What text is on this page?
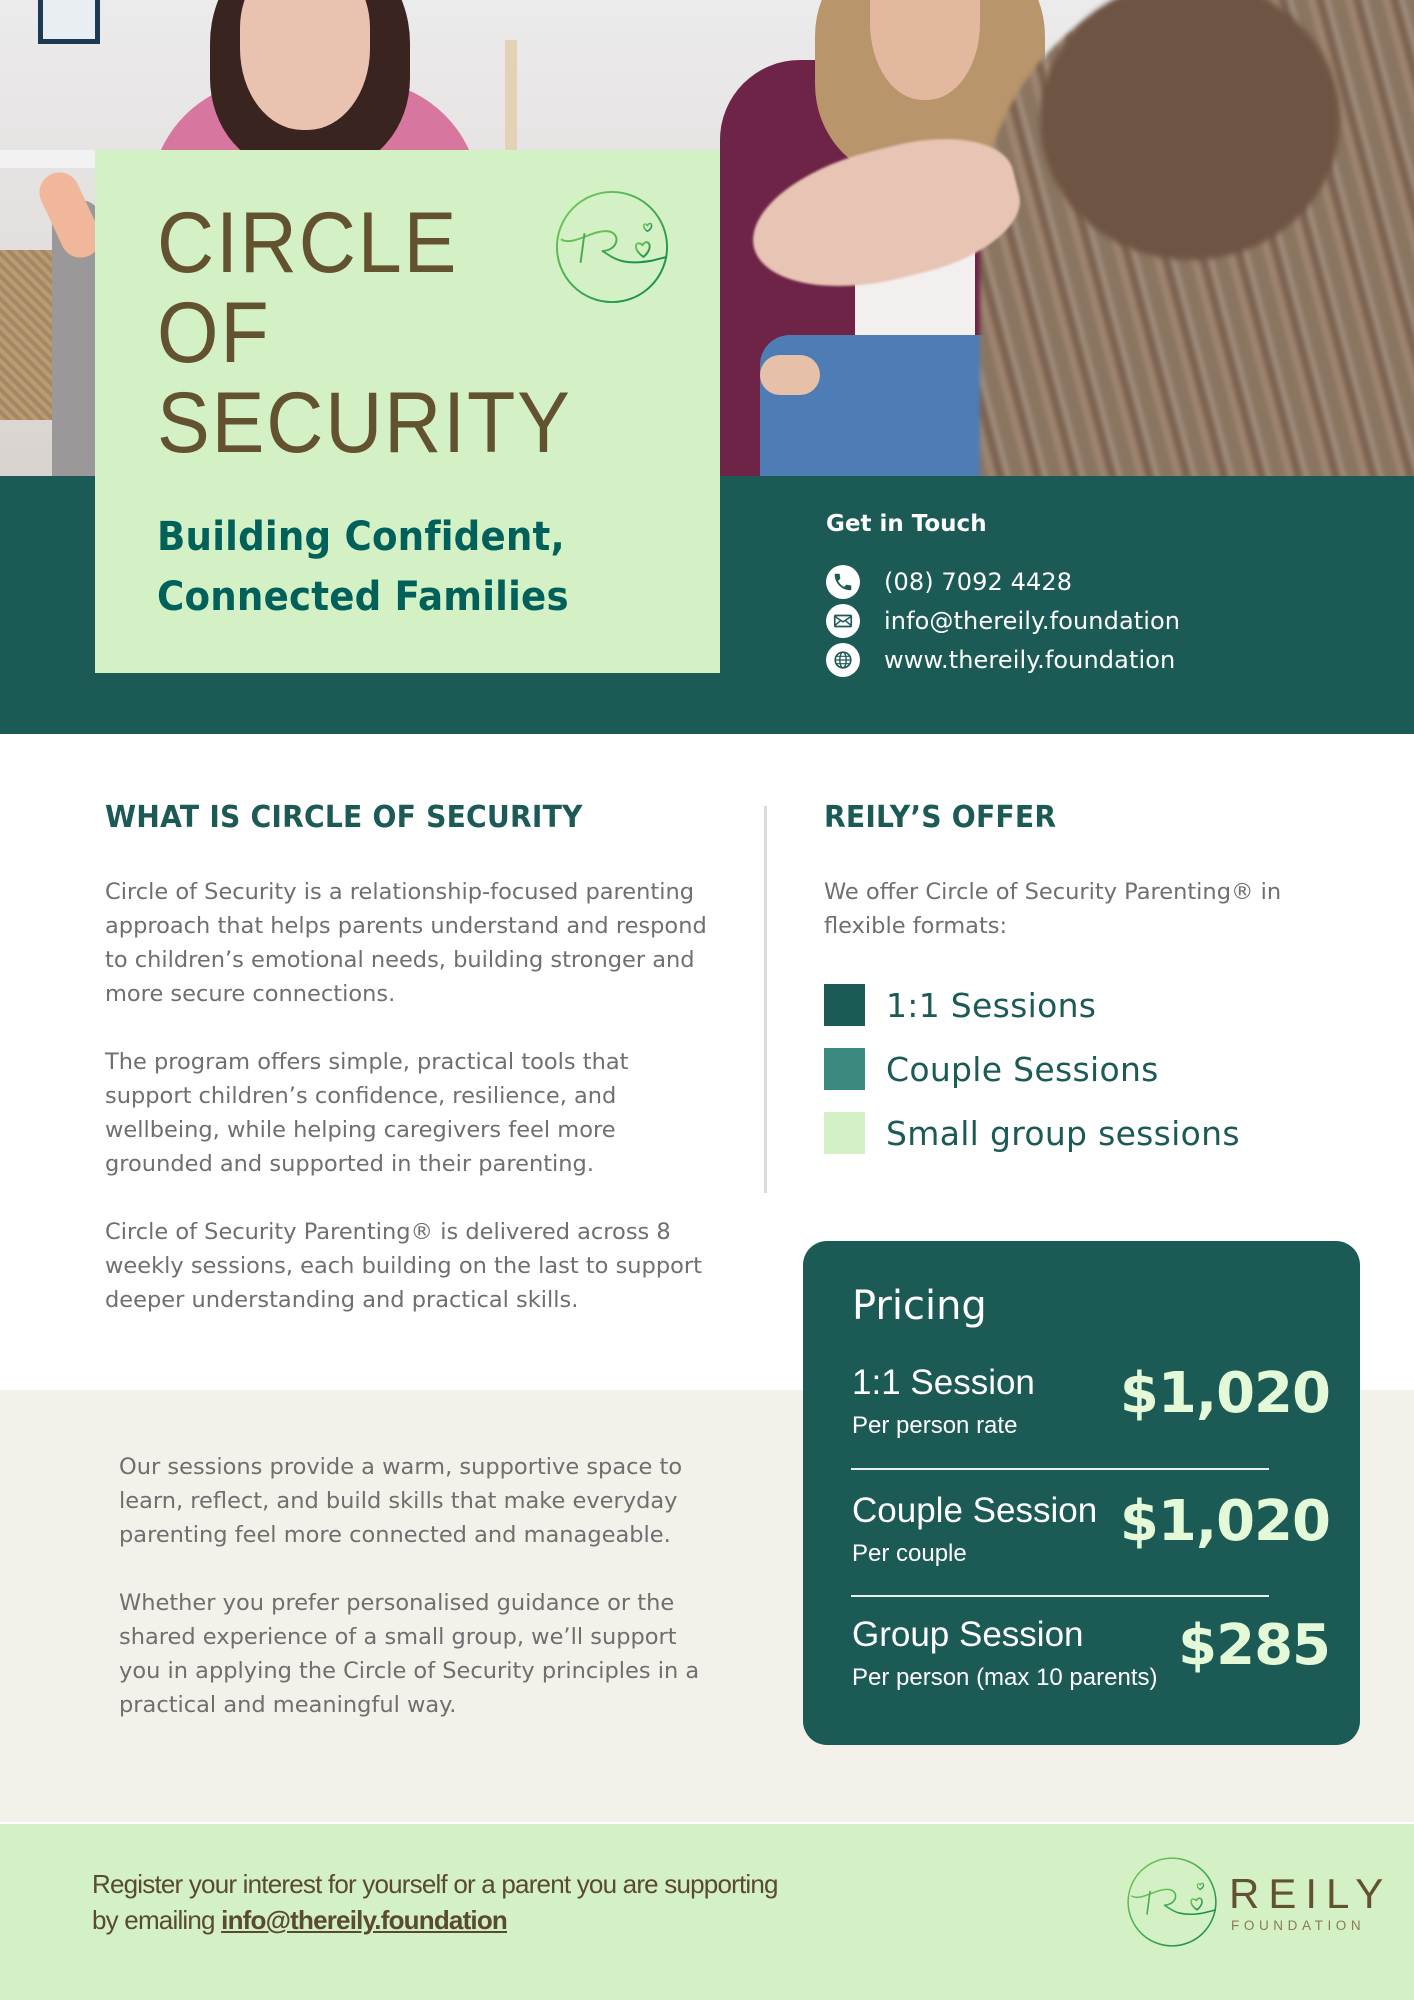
CIRCLE
OF
SECURITY
Building Confident,
Connected Families
Get in Touch
(08) 7092 4428
info@thereily.foundation
www.thereily.foundation
WHAT IS CIRCLE OF SECURITY

Circle of Security is a relationship-focused parenting approach that helps parents understand and respond to children’s emotional needs, building stronger and more secure connections.

The program offers simple, practical tools that support children’s confidence, resilience, and wellbeing, while helping caregivers feel more grounded and supported in their parenting.

Circle of Security Parenting® is delivered across 8 weekly sessions, each building on the last to support deeper understanding and practical skills.

REILY’S OFFER

We offer Circle of Security Parenting® in flexible formats:

1:1 Sessions
Couple Sessions
Small group sessions

Our sessions provide a warm, supportive space to learn, reflect, and build skills that make everyday parenting feel more connected and manageable.

Whether you prefer personalised guidance or the shared experience of a small group, we’ll support you in applying the Circle of Security principles in a practical and meaningful way.

Pricing
1:1 Session
Per person rate $1,020
Couple Session
Per couple	$1,020
Group Session
Per person (max 10 parents) $285

Register your interest for yourself or a parent you are supporting
by emailing info@thereily.foundation

REILY
FOUNDATION
